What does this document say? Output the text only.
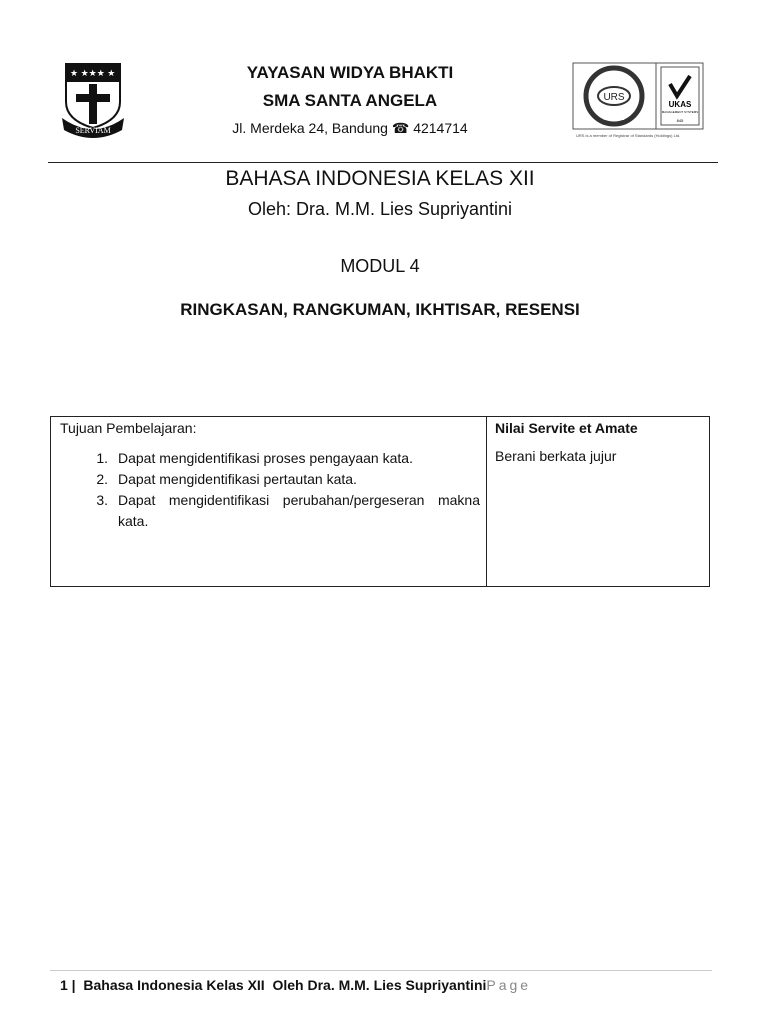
★ ★★★ ★
SERVIAM
YAYASAN WIDYA BHAKTI
SMA SANTA ANGELA
Jl. Merdeka 24, Bandung ☎ 4214714
URS
ISO 9001
UKAS
MANAGEMENT SYSTEMS
845
URS is a member of Registrar of Standards (Holdings) Ltd.
BAHASA INDONESIA KELAS XII
Oleh: Dra. M.M. Lies Supriyantini
MODUL 4
RINGKASAN, RANGKUMAN, IKHTISAR, RESENSI
Tujuan Pembelajaran:
1. Dapat mengidentifikasi proses pengayaan kata.
2. Dapat mengidentifikasi pertautan kata.
3. Dapat mengidentifikasi perubahan/pergeseran makna kata.
Nilai Servite et Amate
Berani berkata jujur
1 |  Bahasa Indonesia Kelas XII  Oleh Dra. M.M. Lies SupriyantiniPage
